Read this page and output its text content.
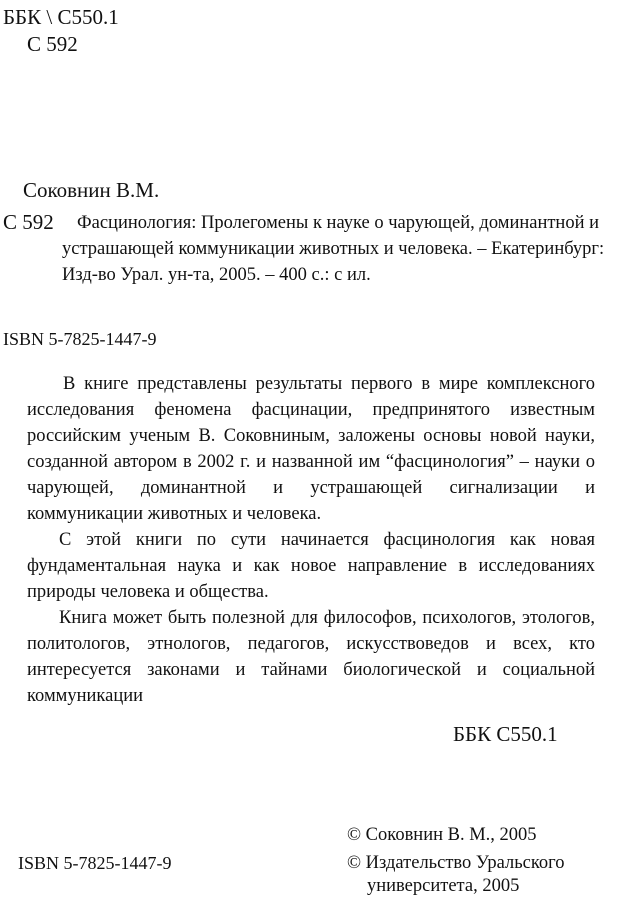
ББК \ С550.1
С 592
Соковнин В.М.
С 592 Фасцинология: Пролегомены к науке о чарующей, доминантной и
устрашающей коммуникации животных и человека. – Екатеринбург:
Изд-во Урал. ун-та, 2005. – 400 с.: с ил.
ISBN 5-7825-1447-9

В книге представлены результаты первого в мире комплексного исследования феномена фасцинации, предпринятого известным российским ученым В. Соковниным, заложены основы новой науки, созданной автором в 2002 г. и названной им “фасцинология” – науки о чарующей, доминантной и устрашающей сигнализации и коммуникации животных и человека.

С этой книги по сути начинается фасцинология как новая фундаментальная наука и как новое направление в исследованиях природы человека и общества.

Книга может быть полезной для философов, психологов, этологов, политологов, этнологов, педагогов, искусствоведов и всех, кто интересуется законами и тайнами биологической и социальной коммуникации

ББК С550.1
© Соковнин В. М., 2005
ISBN 5-7825-1447-9	© Издательство Уральского
университета, 2005
